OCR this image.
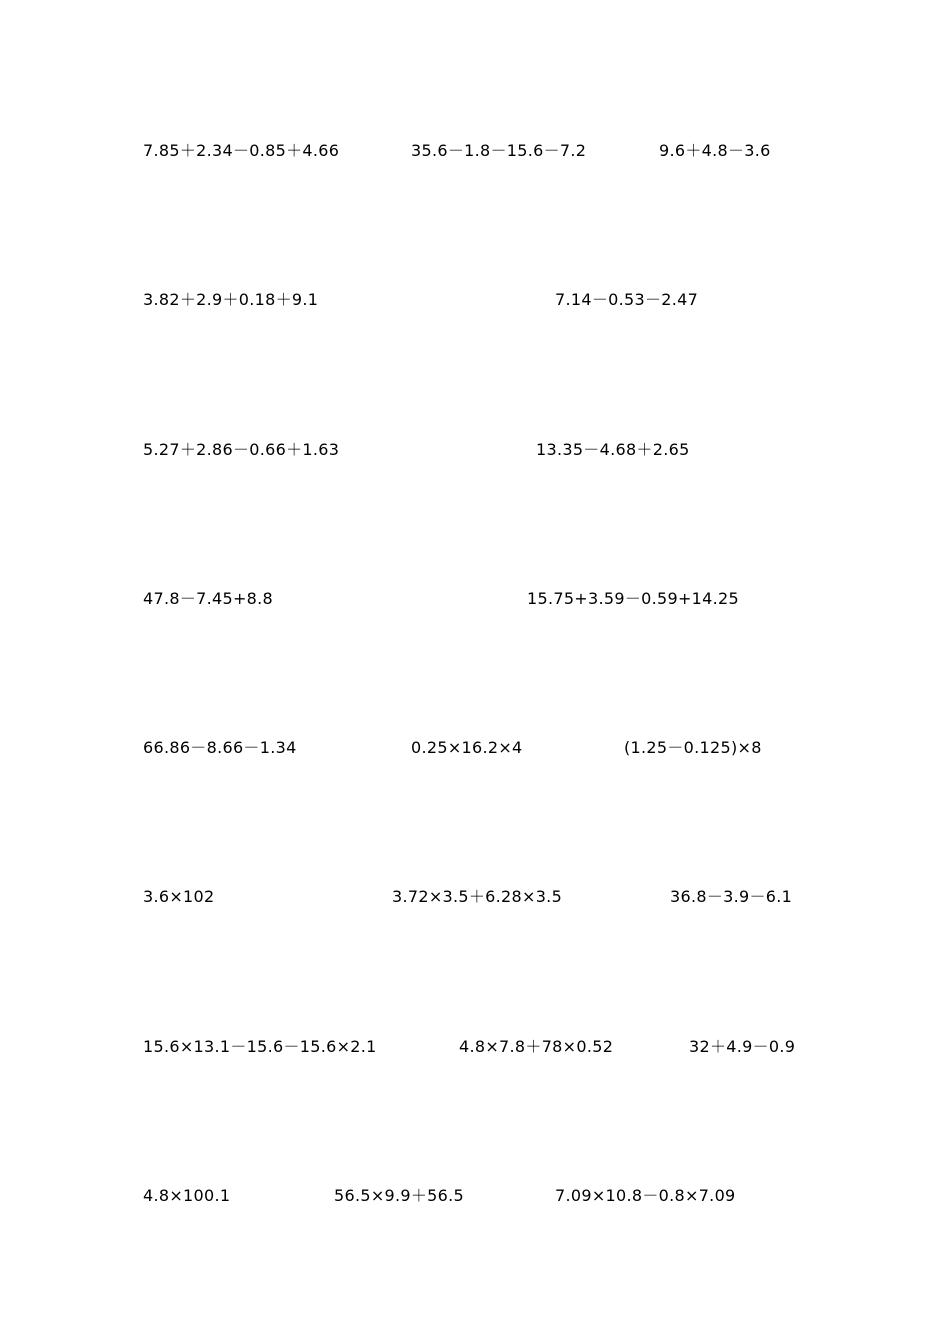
7.85＋2.34－0.85＋4.66	35.6－1.8－15.6－7.2	9.6＋4.8－3.6
3.82＋2.9＋0.18＋9.1	7.14－0.53－2.47
5.27＋2.86－0.66＋1.63	13.35－4.68＋2.65
47.8－7.45+8.8	15.75+3.59－0.59+14.25
66.86－8.66－1.34	0.25×16.2×4	(1.25－0.125)×8
3.6×102	3.72×3.5＋6.28×3.5	36.8－3.9－6.1
15.6×13.1－15.6－15.6×2.1	4.8×7.8＋78×0.52	32＋4.9－0.9
4.8×100.1	56.5×9.9＋56.5	7.09×10.8－0.8×7.09
